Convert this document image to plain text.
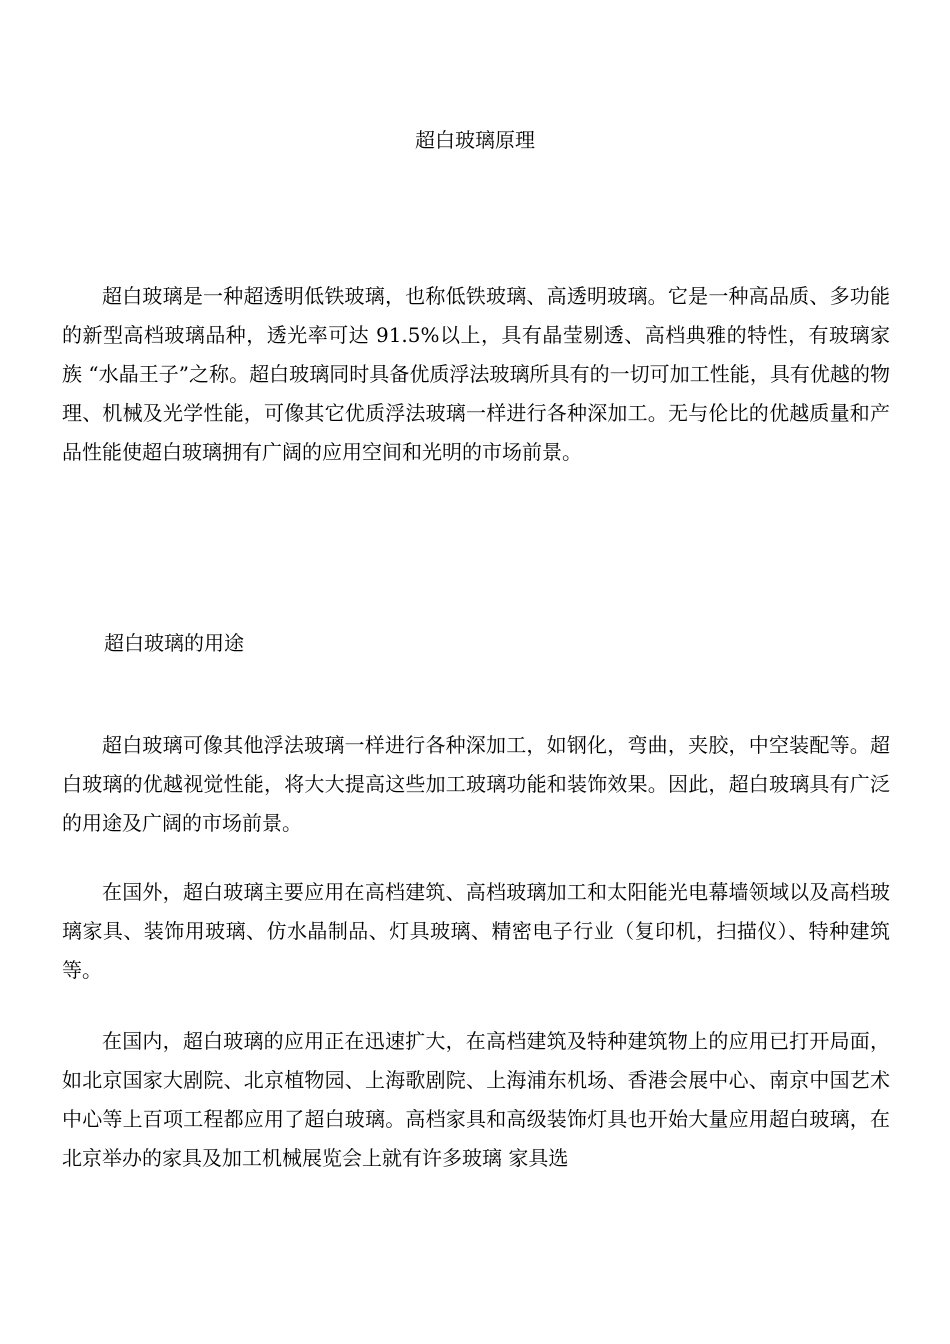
超白玻璃原理

超白玻璃是一种超透明低铁玻璃，也称低铁玻璃、高透明玻璃。它是一种高品质、多功能的新型高档玻璃品种，透光率可达 91.5%以上，具有晶莹剔透、高档典雅的特性，有玻璃家族 “水晶王子”之称。超白玻璃同时具备优质浮法玻璃所具有的一切可加工性能，具有优越的物理、机械及光学性能，可像其它优质浮法玻璃一样进行各种深加工。无与伦比的优越质量和产品性能使超白玻璃拥有广阔的应用空间和光明的市场前景。

超白玻璃的用途

超白玻璃可像其他浮法玻璃一样进行各种深加工，如钢化，弯曲，夹胶，中空装配等。超白玻璃的优越视觉性能，将大大提高这些加工玻璃功能和装饰效果。因此，超白玻璃具有广泛的用途及广阔的市场前景。

在国外，超白玻璃主要应用在高档建筑、高档玻璃加工和太阳能光电幕墙领域以及高档玻璃家具、装饰用玻璃、仿水晶制品、灯具玻璃、精密电子行业（复印机，扫描仪）、特种建筑等。

在国内，超白玻璃的应用正在迅速扩大，在高档建筑及特种建筑物上的应用已打开局面，如北京国家大剧院、北京植物园、上海歌剧院、上海浦东机场、香港会展中心、南京中国艺术中心等上百项工程都应用了超白玻璃。高档家具和高级装饰灯具也开始大量应用超白玻璃，在北京举办的家具及加工机械展览会上就有许多玻璃 家具选
